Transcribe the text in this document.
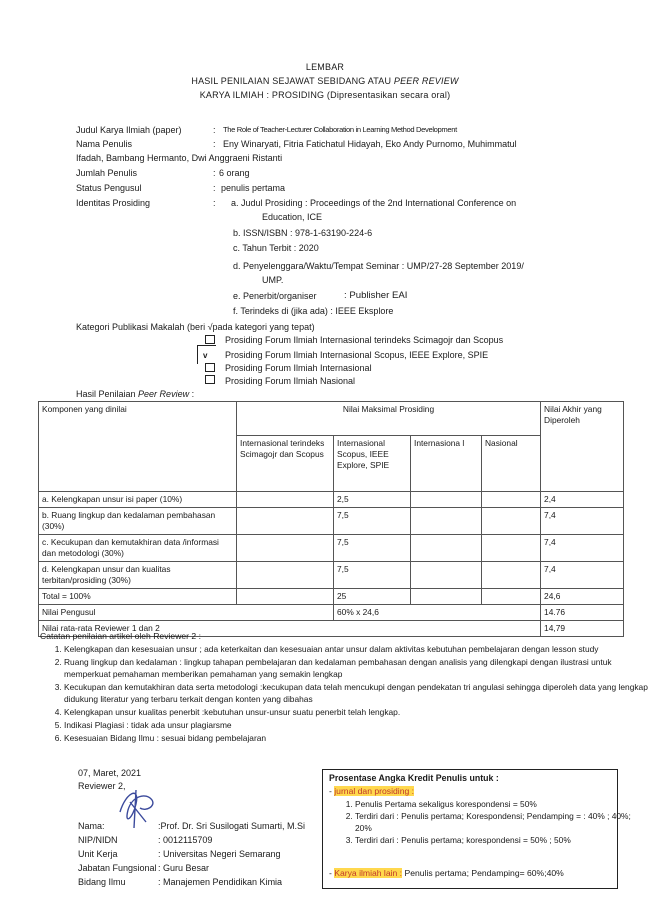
LEMBAR
HASIL PENILAIAN SEJAWAT SEBIDANG ATAU PEER REVIEW
KARYA ILMIAH : PROSIDING (Dipresentasikan secara oral)
Judul Karya Ilmiah (paper)	: The Role of Teacher-Lecturer Collaboration in Learning Method Development
Nama Penulis	: Eny Winaryati, Fitria Fatichatul Hidayah, Eko Andy Purnomo, Muhimmatul
Ifadah, Bambang Hermanto, Dwi Anggraeni Ristanti
Jumlah Penulis	: 6 orang
Status Pengusul	: penulis pertama
Identitas Prosiding	: a. Judul Prosiding : Proceedings of the 2nd International Conference on
Education, ICE
b. ISSN/ISBN : 978-1-63190-224-6
c. Tahun Terbit : 2020
d. Penyelenggara/Waktu/Tempat Seminar : UMP/27-28 September 2019/
UMP.
e. Penerbit/organiser	: Publisher EAI
f. Terindeks di (jika ada) : IEEE Eksplore
Kategori Publikasi Makalah (beri √pada kategori yang tepat)
Prosiding Forum Ilmiah Internasional terindeks Scimagojr dan Scopus
v Prosiding Forum Ilmiah Internasional Scopus, IEEE Explore, SPIE
Prosiding Forum Ilmiah Internasional
Prosiding Forum Ilmiah Nasional
Hasil Penilaian Peer Review :
Komponen yang dinilai	Nilai Maksimal Prosiding				Nilai Akhir yang Diperoleh
	Internasional terindeks Scimagojr dan Scopus	Internasional Scopus, IEEE Explore, SPIE	Internasiona l	Nasional	
a. Kelengkapan unsur isi paper (10%)		2,5			2,4
b. Ruang lingkup dan kedalaman pembahasan (30%)		7,5			7,4
c. Kecukupan dan kemutakhiran data /informasi dan metodologi (30%)		7,5			7,4
d. Kelengkapan unsur dan kualitas terbitan/prosiding (30%)		7,5			7,4
Total = 100%		25			24,6
Nilai Pengusul		60% x 24,6			14.76
Nilai rata-rata Reviewer 1 dan 2					14,79
Catatan penilaian artikel oleh Reviewer 2 :
1. Kelengkapan dan kesesuaian unsur ; ada keterkaitan dan kesesuaian antar unsur dalam aktivitas kebutuhan pembelajaran dengan lesson study
2. Ruang lingkup dan kedalaman : lingkup tahapan pembelajaran dan kedalaman pembahasan dengan analisis yang dilengkapi dengan ilustrasi untuk memperkuat pemahaman memberikan pemahaman yang semakin lengkap
3. Kecukupan dan kemutakhiran data serta metodologi :kecukupan data telah mencukupi dengan pendekatan tri angulasi sehingga diperoleh data yang lengkap didukung literatur yang terbaru terkait dengan konten yang dibahas
4. Kelengkapan unsur kualitas penerbit :kebutuhan unsur-unsur suatu penerbit telah lengkap.
5. Indikasi Plagiasi : tidak ada unsur plagiarsme
6. Kesesuaian Bidang Ilmu : sesuai bidang pembelajaran
07, Maret, 2021
Reviewer 2,
Nama:	:Prof. Dr. Sri Susilogati Sumarti, M.Si
NIP/NIDN	: 0012115709
Unit Kerja	: Universitas Negeri Semarang
Jabatan Fungsional : Guru Besar
Bidang Ilmu	: Manajemen Pendidikan Kimia
Prosentase Angka Kredit Penulis untuk :
- jurnal dan prosiding :
1. Penulis Pertama sekaligus korespondensi = 50%
2. Terdiri dari : Penulis pertama; Korespondensi; Pendamping = : 40% ; 40%; 20%
3. Terdiri dari : Penulis pertama; korespondensi = 50% ; 50%
- Karya ilmiah lain : Penulis pertama; Pendamping= 60%;40%
